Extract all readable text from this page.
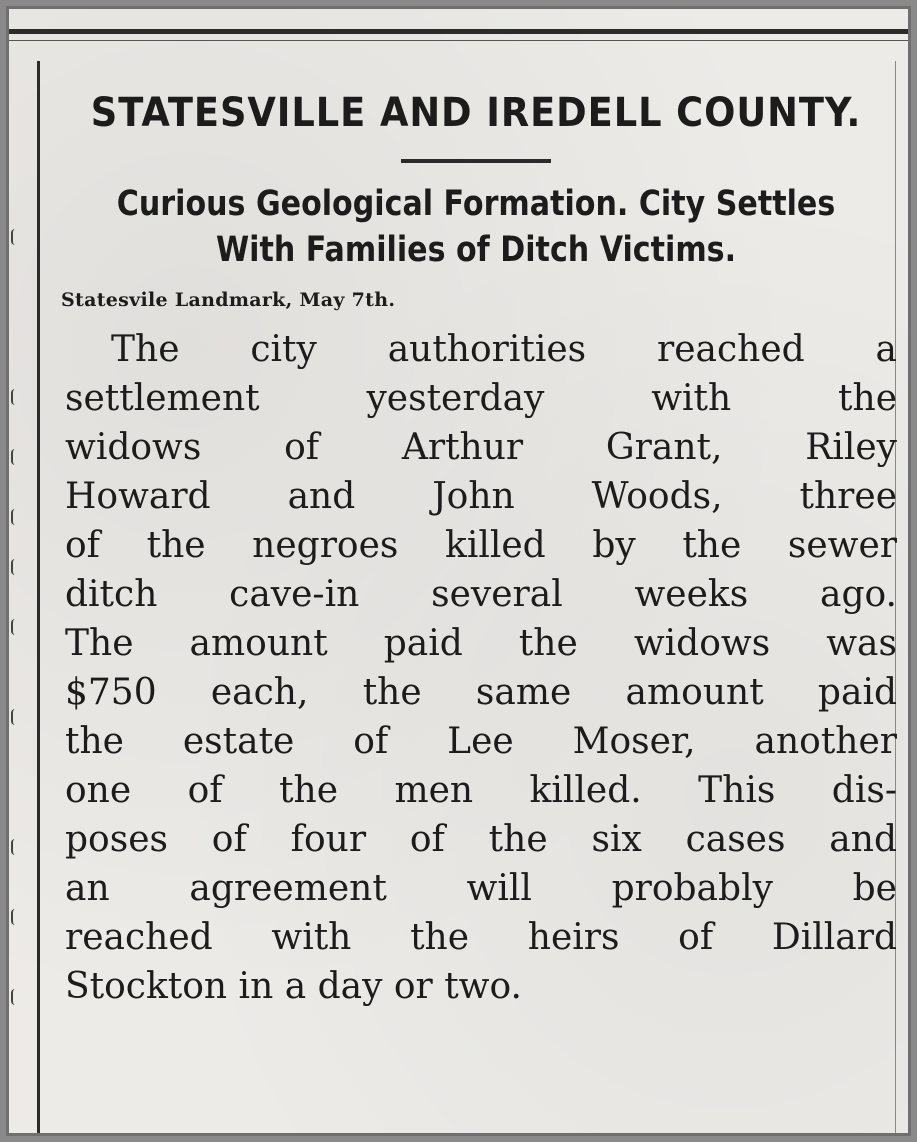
STATESVILLE AND IREDELL COUNTY.
Curious Geological Formation. City Settles
With Families of Ditch Victims.
Statesvile Landmark, May 7th.
The city authorities reached a
settlement yesterday with the
widows of Arthur Grant, Riley
Howard and John Woods, three
of the negroes killed by the sewer
ditch cave-in several weeks ago.
The amount paid the widows was
$750 each, the same amount paid
the estate of Lee Moser, another
one of the men killed. This dis-
poses of four of the six cases and
an agreement will probably be
reached with the heirs of Dillard
Stockton in a day or two.
